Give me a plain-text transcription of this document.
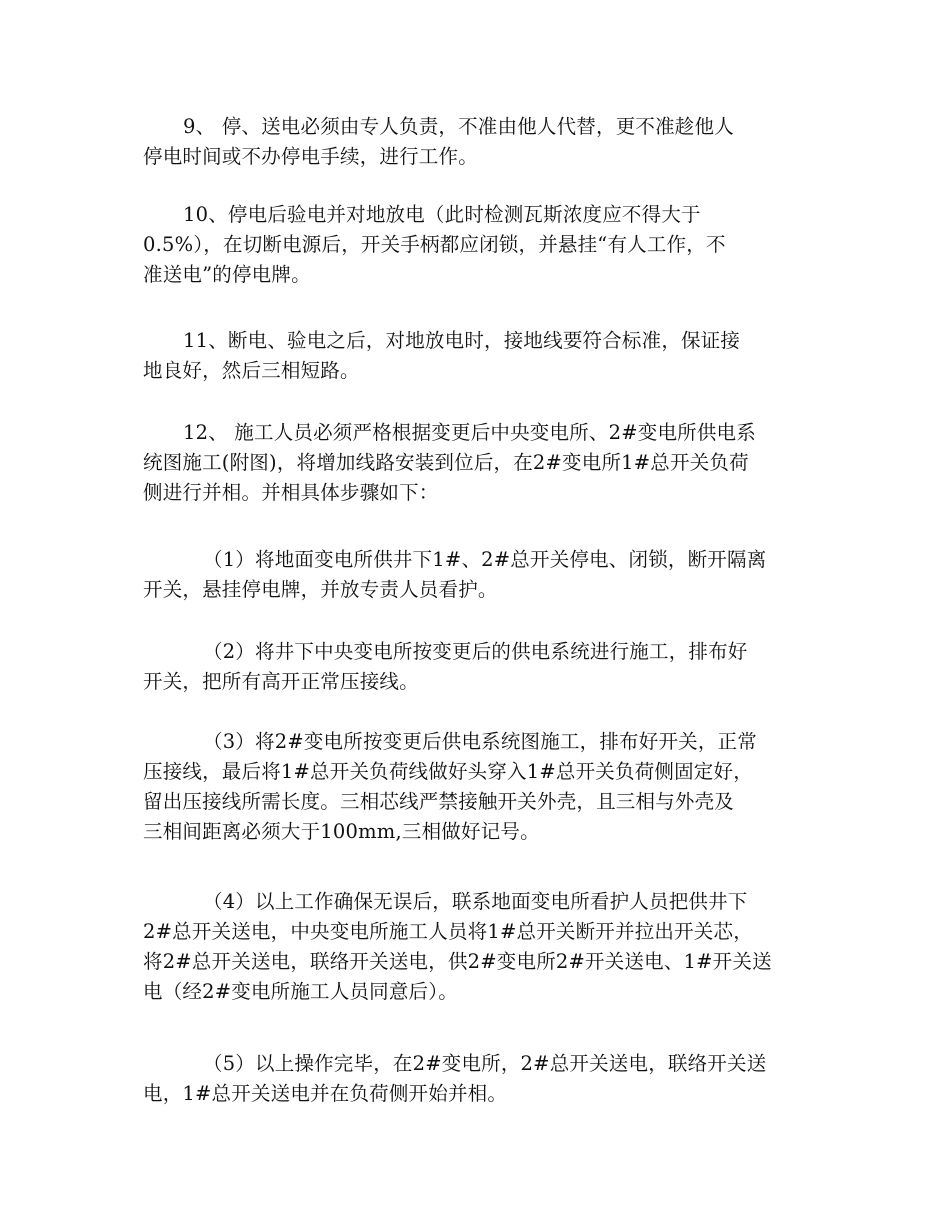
9、 停、送电必须由专人负责，不准由他人代替，更不准趁他人
停电时间或不办停电手续，进行工作。
10、停电后验电并对地放电（此时检测瓦斯浓度应不得大于
0.5%），在切断电源后，开关手柄都应闭锁，并悬挂“有人工作，不
准送电”的停电牌。
11、断电、验电之后，对地放电时，接地线要符合标准，保证接
地良好，然后三相短路。
12、 施工人员必须严格根据变更后中央变电所、2#变电所供电系
统图施工(附图)，将增加线路安装到位后，在2#变电所1#总开关负荷
侧进行并相。并相具体步骤如下：
（1）将地面变电所供井下1#、2#总开关停电、闭锁，断开隔离
开关，悬挂停电牌，并放专责人员看护。
（2）将井下中央变电所按变更后的供电系统进行施工，排布好
开关，把所有高开正常压接线。
（3）将2#变电所按变更后供电系统图施工，排布好开关，正常
压接线，最后将1#总开关负荷线做好头穿入1#总开关负荷侧固定好，
留出压接线所需长度。三相芯线严禁接触开关外壳，且三相与外壳及
三相间距离必须大于100mm,三相做好记号。
（4）以上工作确保无误后，联系地面变电所看护人员把供井下
2#总开关送电，中央变电所施工人员将1#总开关断开并拉出开关芯，
将2#总开关送电，联络开关送电，供2#变电所2#开关送电、1#开关送
电（经2#变电所施工人员同意后）。
（5）以上操作完毕，在2#变电所，2#总开关送电，联络开关送
电，1#总开关送电并在负荷侧开始并相。
